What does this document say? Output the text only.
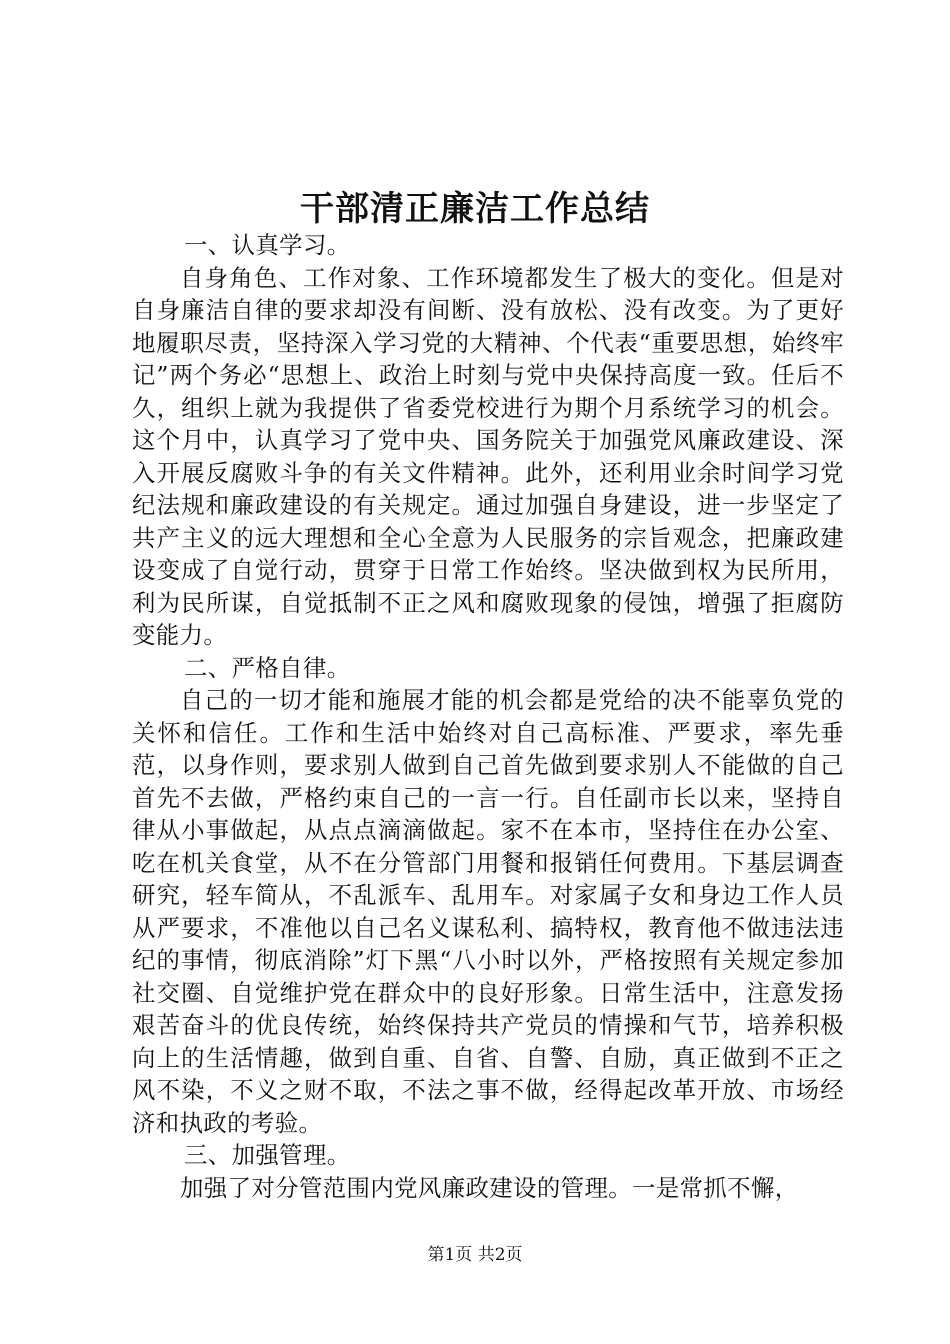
干部清正廉洁工作总结

一、认真学习。

自身角色、工作对象、工作环境都发生了极大的变化。但是对自身廉洁自律的要求却没有间断、没有放松、没有改变。为了更好地履职尽责，坚持深入学习党的大精神、个代表“重要思想，始终牢记”两个务必“思想上、政治上时刻与党中央保持高度一致。任后不久，组织上就为我提供了省委党校进行为期个月系统学习的机会。这个月中，认真学习了党中央、国务院关于加强党风廉政建设、深入开展反腐败斗争的有关文件精神。此外，还利用业余时间学习党纪法规和廉政建设的有关规定。通过加强自身建设，进一步坚定了共产主义的远大理想和全心全意为人民服务的宗旨观念，把廉政建设变成了自觉行动，贯穿于日常工作始终。坚决做到权为民所用，利为民所谋，自觉抵制不正之风和腐败现象的侵蚀，增强了拒腐防变能力。

二、严格自律。

自己的一切才能和施展才能的机会都是党给的决不能辜负党的关怀和信任。工作和生活中始终对自己高标准、严要求，率先垂范，以身作则，要求别人做到自己首先做到要求别人不能做的自己首先不去做，严格约束自己的一言一行。自任副市长以来，坚持自律从小事做起，从点点滴滴做起。家不在本市，坚持住在办公室、吃在机关食堂，从不在分管部门用餐和报销任何费用。下基层调查研究，轻车简从，不乱派车、乱用车。对家属子女和身边工作人员从严要求，不准他以自己名义谋私利、搞特权，教育他不做违法违纪的事情，彻底消除”灯下黑“八小时以外，严格按照有关规定参加社交圈、自觉维护党在群众中的良好形象。日常生活中，注意发扬艰苦奋斗的优良传统，始终保持共产党员的情操和气节，培养积极向上的生活情趣，做到自重、自省、自警、自励，真正做到不正之风不染，不义之财不取，不法之事不做，经得起改革开放、市场经济和执政的考验。

三、加强管理。

加强了对分管范围内党风廉政建设的管理。一是常抓不懈，

第1页 共2页
